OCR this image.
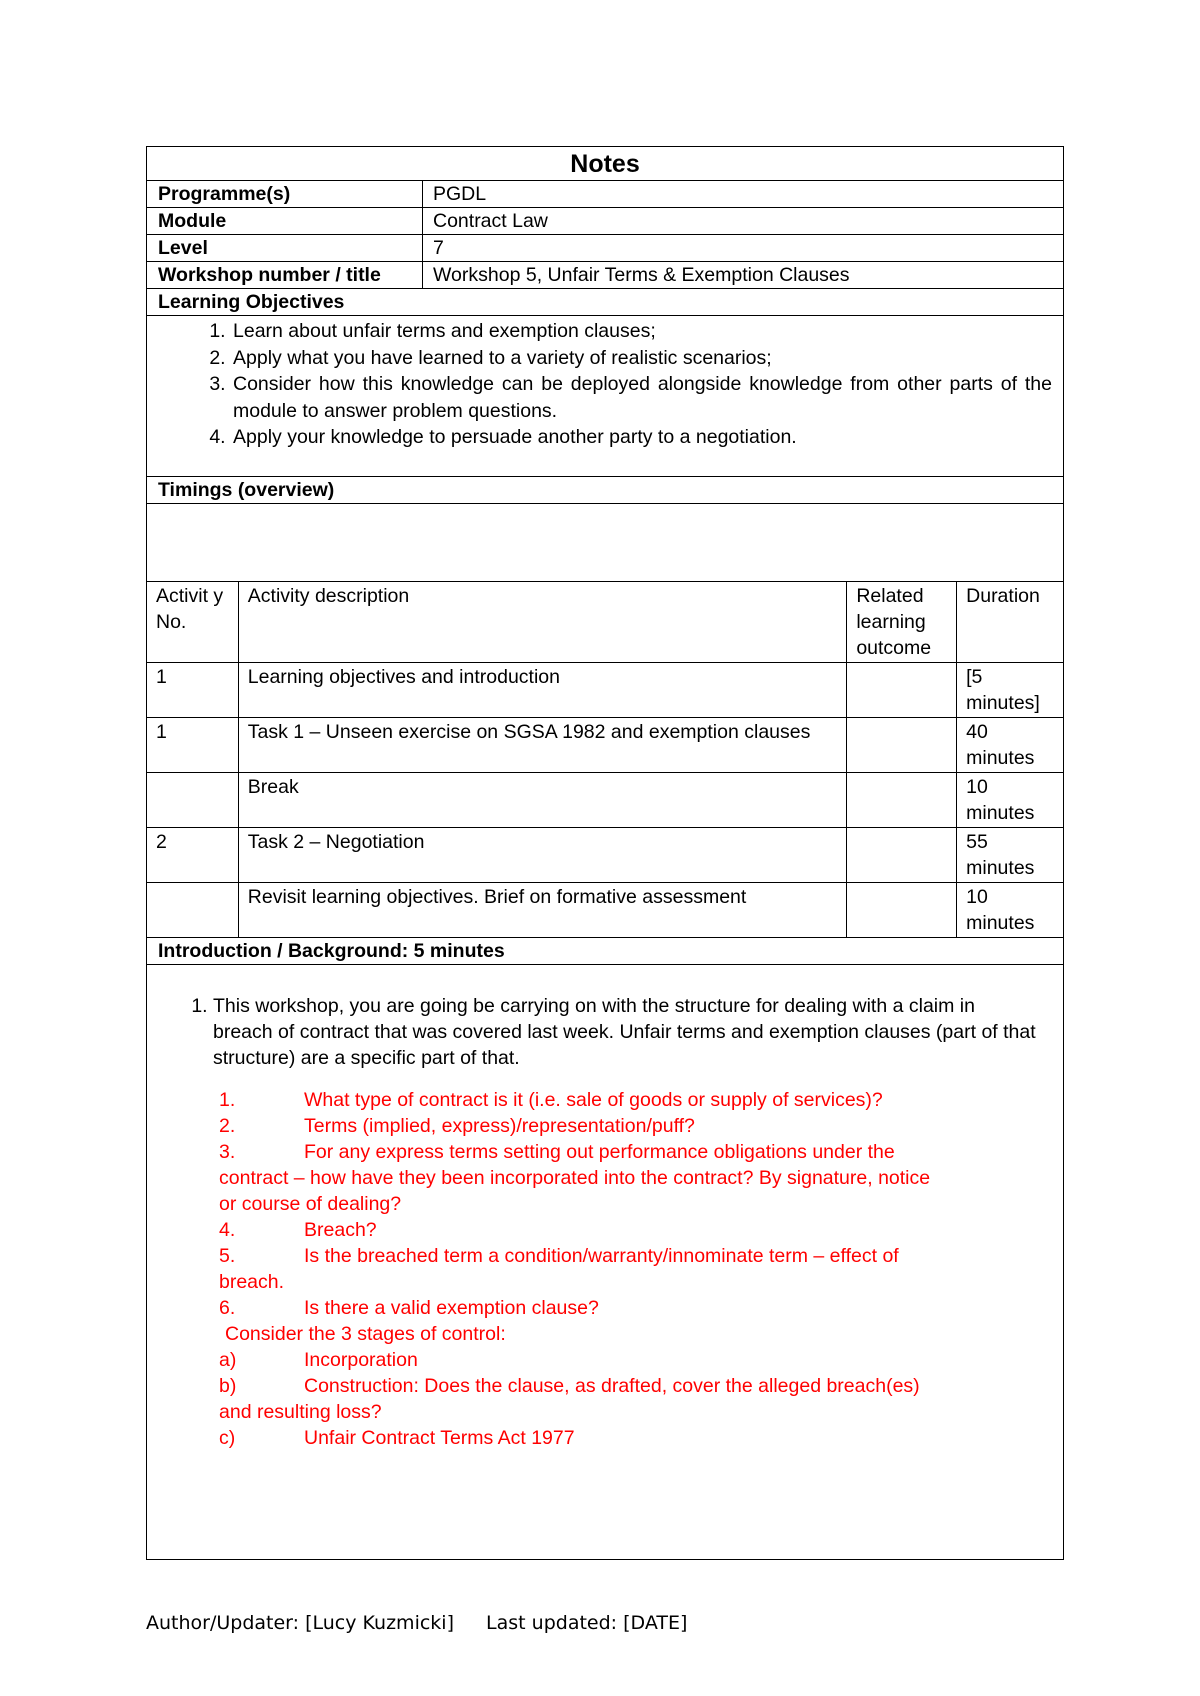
Notes
Programme(s)	PGDL
Module	Contract Law
Level	7
Workshop number / title	Workshop 5, Unfair Terms & Exemption Clauses
Learning Objectives
1. Learn about unfair terms and exemption clauses;
2. Apply what you have learned to a variety of realistic scenarios;
3. Consider how this knowledge can be deployed alongside knowledge from other parts of the module to answer problem questions.
4. Apply your knowledge to persuade another party to a negotiation.
Timings (overview)
Activit y No.	Activity description	Related learning outcome	Duration
1	Learning objectives and introduction		[5 minutes]
1	Task 1 – Unseen exercise on SGSA 1982 and exemption clauses		40 minutes
	Break		10 minutes
2	Task 2 – Negotiation		55 minutes
	Revisit learning objectives. Brief on formative assessment		10 minutes
Introduction / Background: 5 minutes
1. This workshop, you are going be carrying on with the structure for dealing with a claim in breach of contract that was covered last week. Unfair terms and exemption clauses (part of that structure) are a specific part of that.
1.	What type of contract is it (i.e. sale of goods or supply of services)?
2.	Terms (implied, express)/representation/puff?
3.	For any express terms setting out performance obligations under the
contract – how have they been incorporated into the contract? By signature, notice
or course of dealing?
4.	Breach?
5.	Is the breached term a condition/warranty/innominate term – effect of
breach.
6.	Is there a valid exemption clause?
Consider the 3 stages of control:
a)	Incorporation
b)	Construction: Does the clause, as drafted, cover the alleged breach(es)
and resulting loss?
c)	Unfair Contract Terms Act 1977
Author/Updater: [Lucy Kuzmicki] Last updated: [DATE]
